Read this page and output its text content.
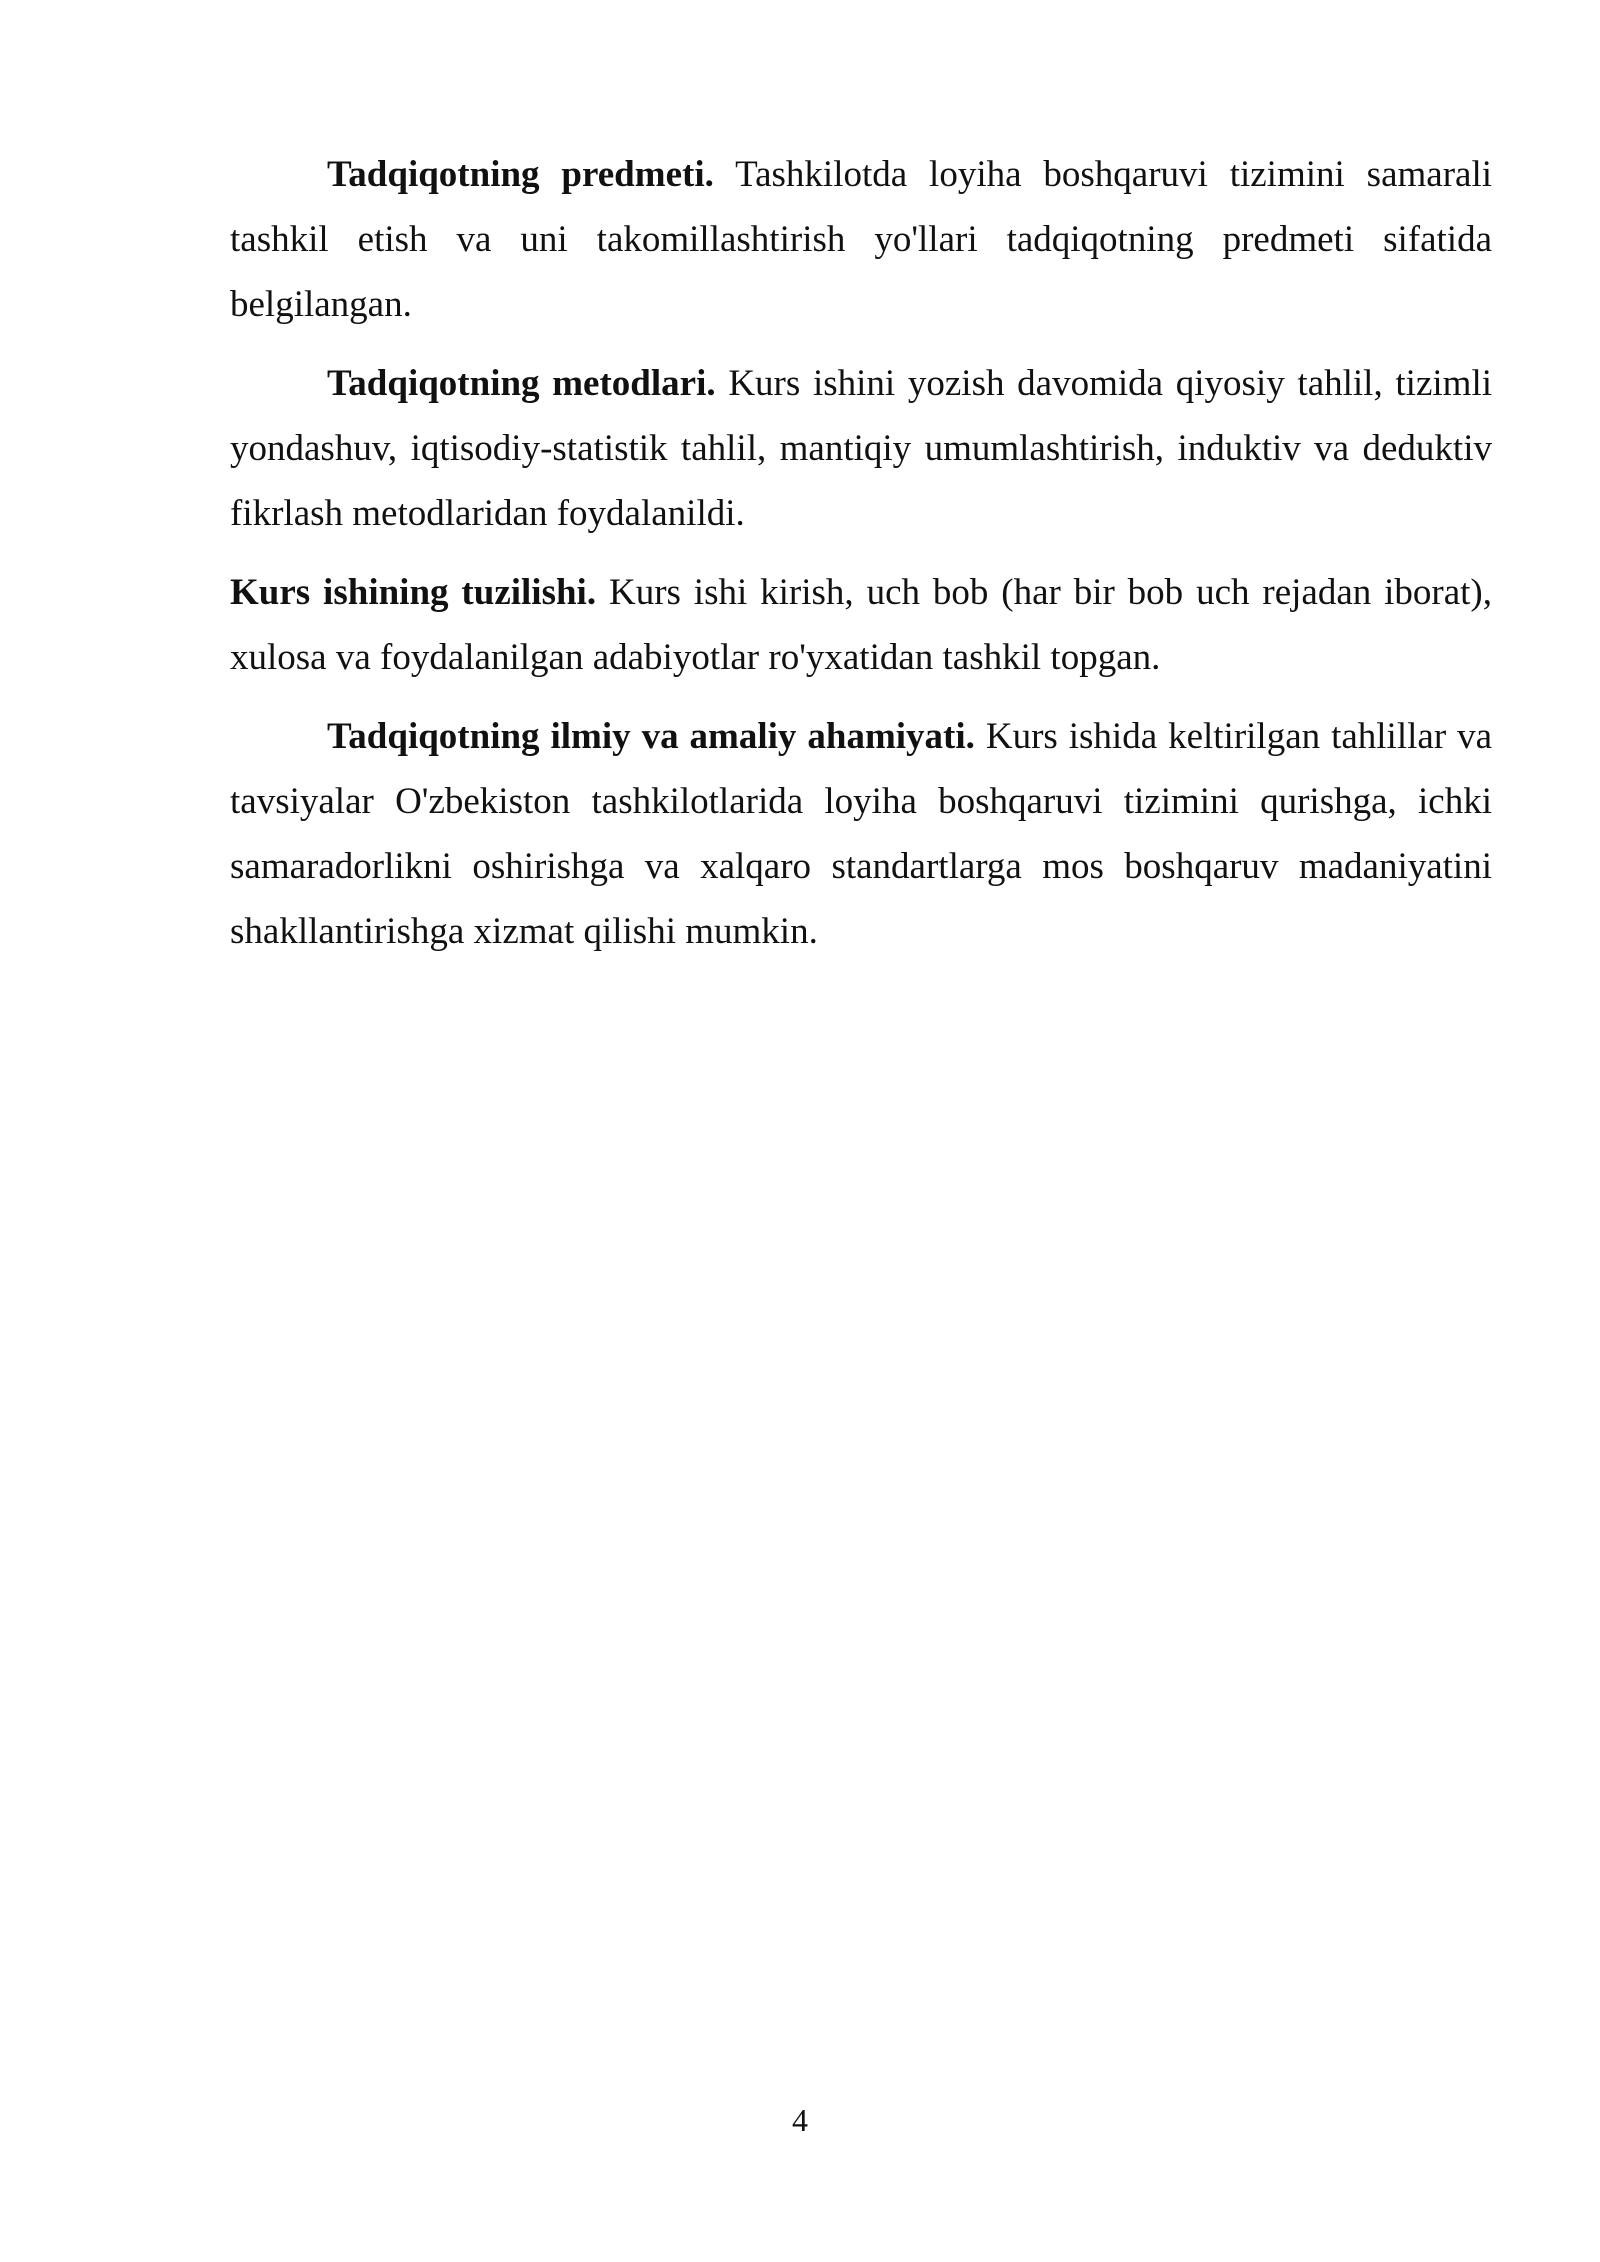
Tadqiqotning predmeti. Tashkilotda loyiha boshqaruvi tizimini samarali tashkil etish va uni takomillashtirish yo'llari tadqiqotning predmeti sifatida belgilangan.

Tadqiqotning metodlari. Kurs ishini yozish davomida qiyosiy tahlil, tizimli yondashuv, iqtisodiy-statistik tahlil, mantiqiy umumlashtirish, induktiv va deduktiv fikrlash metodlaridan foydalanildi.

Kurs ishining tuzilishi. Kurs ishi kirish, uch bob (har bir bob uch rejadan iborat), xulosa va foydalanilgan adabiyotlar ro'yxatidan tashkil topgan.

Tadqiqotning ilmiy va amaliy ahamiyati. Kurs ishida keltirilgan tahlillar va tavsiyalar O'zbekiston tashkilotlarida loyiha boshqaruvi tizimini qurishga, ichki samaradorlikni oshirishga va xalqaro standartlarga mos boshqaruv madaniyatini shakllantirishga xizmat qilishi mumkin.

4
